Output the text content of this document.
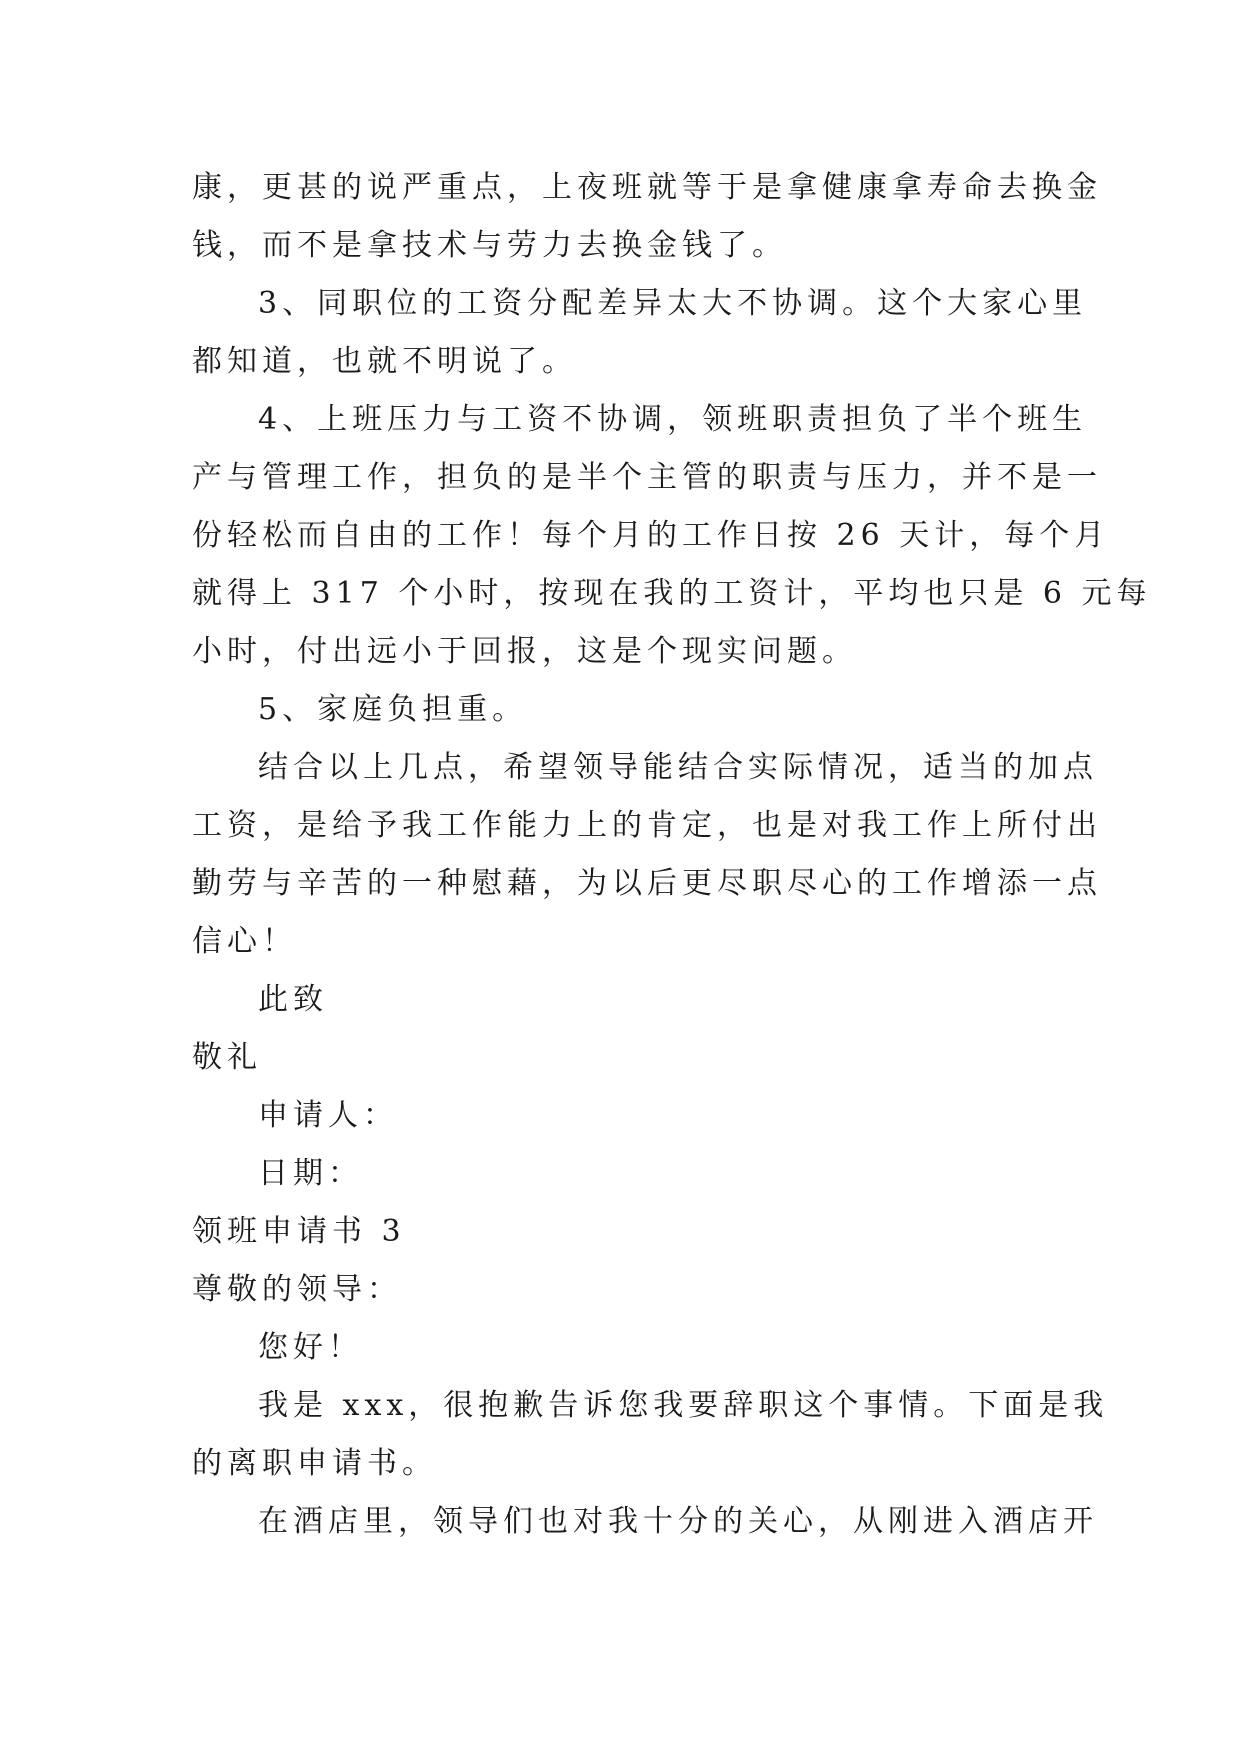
康，更甚的说严重点，上夜班就等于是拿健康拿寿命去换金
钱，而不是拿技术与劳力去换金钱了。
3、同职位的工资分配差异太大不协调。这个大家心里
都知道，也就不明说了。
4、上班压力与工资不协调，领班职责担负了半个班生
产与管理工作，担负的是半个主管的职责与压力，并不是一
份轻松而自由的工作！每个月的工作日按 26 天计，每个月
就得上 317 个小时，按现在我的工资计，平均也只是 6 元每
小时，付出远小于回报，这是个现实问题。
5、家庭负担重。
结合以上几点，希望领导能结合实际情况，适当的加点
工资，是给予我工作能力上的肯定，也是对我工作上所付出
勤劳与辛苦的一种慰藉，为以后更尽职尽心的工作增添一点
信心！
此致
敬礼
申请人：
日期：
领班申请书 3
尊敬的领导：
您好！
我是 xxx，很抱歉告诉您我要辞职这个事情。下面是我
的离职申请书。
在酒店里，领导们也对我十分的关心，从刚进入酒店开
